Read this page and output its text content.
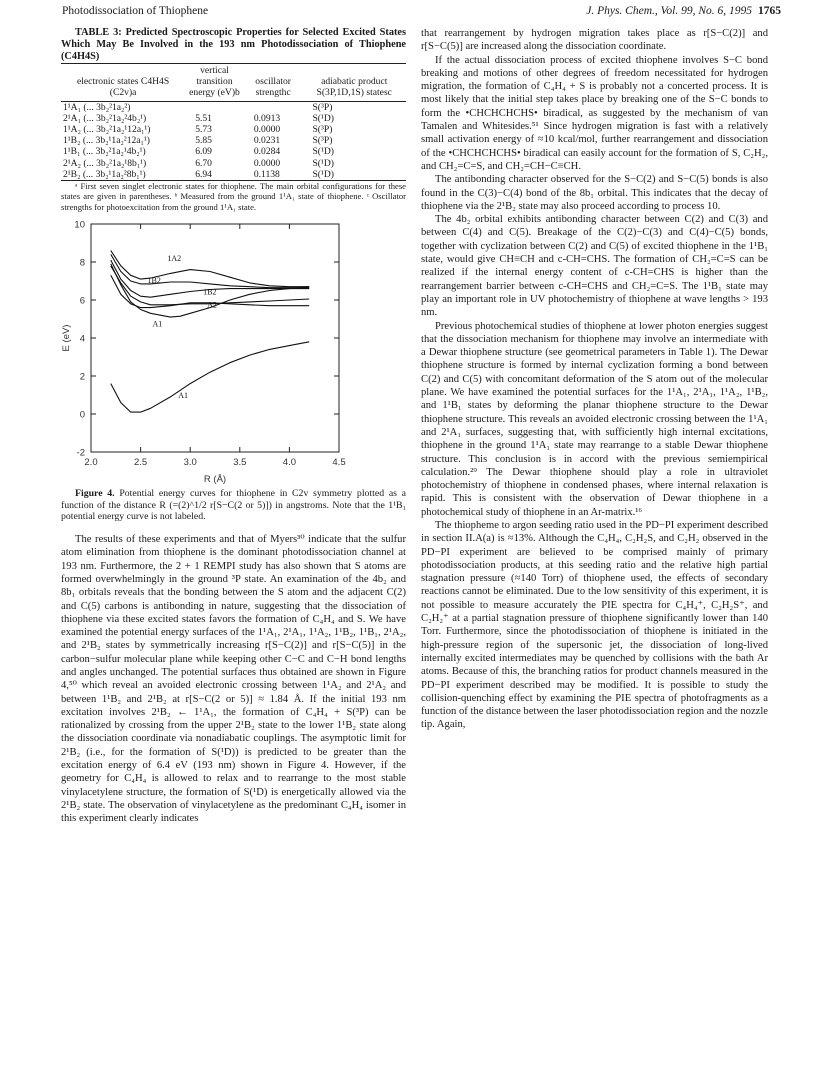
Photodissociation of Thiophene	J. Phys. Chem., Vol. 99, No. 6, 1995 1765

TABLE 3: Predicted Spectroscopic Properties for Selected Excited States Which May Be Involved in the 193 nm Photodissociation of Thiophene (C4H4S)

electronic states C4H4S (C2v)a	vertical transition energy (eV)b	oscillator strengthc	adiabatic product S(3P,1D,1S) statesc
1¹A₁ (... 3b₂²1a₂²)			S(³P)
2¹A₁ (... 3b₂²1a₂²4b₂¹)	5.51	0.0913	S(¹D)
1¹A₂ (... 3b₂²1a₂¹12a₁¹)	5.73	0.0000	S(³P)
1¹B₂ (... 3b₂¹1a₂²12a₁¹)	5.85	0.0231	S(³P)
1¹B₁ (... 3b₂²1a₂¹4b₂¹)	6.09	0.0284	S(¹D)
2¹A₂ (... 3b₂²1a₂¹8b₁¹)	6.70	0.0000	S(¹D)
2¹B₂ (... 3b₂¹1a₂²8b₁¹)	6.94	0.1138	S(¹D)

ᵃ First seven singlet electronic states for thiophene. The main orbital configurations for these states are given in parentheses. ᵇ Measured from the ground 1¹A₁ state of thiophene. ᶜ Oscillator strengths for photoexcitation from the ground 1¹A₁ state.

2.0	2.5	3.0	3.5	4.0	4.5
-2
0
2
4
6
8
10
R (Å)
E (eV)
1A2
1B2
1B2
A2
A1
A1

Figure 4. Potential energy curves for thiophene in C2v symmetry plotted as a function of the distance R (=(2)^1/2 r[S−C(2 or 5)]) in angstroms. Note that the 1¹B₁ potential energy curve is not labeled.

The results of these experiments and that of Myers³⁰ indicate that the sulfur atom elimination from thiophene is the dominant photodissociation channel at 193 nm. Furthermore, the 2 + 1 REMPI study has also shown that S atoms are formed overwhelmingly in the ground ³P state. An examination of the 4b₂ and 8b₁ orbitals reveals that the bonding between the S atom and the adjacent C(2) and C(5) carbons is antibonding in nature, suggesting that the dissociation of thiophene via these excited states favors the formation of C₄H₄ and S. We have examined the potential energy surfaces of the 1¹A₁, 2¹A₁, 1¹A₂, 1¹B₂, 1¹B₁, 2¹A₂, and 2¹B₂ states by symmetrically increasing r[S−C(2)] and r[S−C(5)] in the carbon−sulfur molecular plane while keeping other C−C and C−H bond lengths and angles unchanged. The potential surfaces thus obtained are shown in Figure 4,⁵⁰ which reveal an avoided electronic crossing between 1¹A₂ and 2¹A₂ and between 1¹B₂ and 2¹B₂ at r[S−C(2 or 5)] ≈ 1.84 Å. If the initial 193 nm excitation involves 2¹B₂ ← 1¹A₁, the formation of C₄H₄ + S(³P) can be rationalized by crossing from the upper 2¹B₂ state to the lower 1¹B₂ state along the dissociation coordinate via nonadiabatic couplings. The asymptotic limit for 2¹B₂ (i.e., for the formation of S(¹D)) is predicted to be greater than the excitation energy of 6.4 eV (193 nm) shown in Figure 4. However, if the geometry for C₄H₄ is allowed to relax and to rearrange to the most stable vinylacetylene structure, the formation of S(¹D) is energetically allowed via the 2¹B₂ state. The observation of vinylacetylene as the predominant C₄H₄ isomer in this experiment clearly indicates

that rearrangement by hydrogen migration takes place as r[S−C(2)] and r[S−C(5)] are increased along the dissociation coordinate.

If the actual dissociation process of excited thiophene involves S−C bond breaking and motions of other degrees of freedom necessitated for hydrogen migration, the formation of C₄H₄ + S is probably not a concerted process. It is most likely that the initial step takes place by breaking one of the S−C bonds to form the •CHCHCHCHS• biradical, as suggested by the mechanism of van Tamalen and Whitesides.⁵¹ Since hydrogen migration is fast with a relatively small activation energy of ≈10 kcal/mol, further rearrangement and dissociation of the •CHCHCHCHS• biradical can easily account for the formation of S, C₂H₂, and CH₂=C=S, and CH₂=CH−C≡CH.

The antibonding character observed for the S−C(2) and S−C(5) bonds is also found in the C(3)−C(4) bond of the 8b₁ orbital. This indicates that the decay of thiophene via the 2¹B₂ state may also proceed according to process 10.

The 4b₂ orbital exhibits antibonding character between C(2) and C(3) and between C(4) and C(5). Breakage of the C(2)−C(3) and C(4)−C(5) bonds, together with cyclization between C(2) and C(5) of excited thiophene in the 1¹B₁ state, would give CH≡CH and c-CH=CHS. The formation of CH₂=C=S can be realized if the internal energy content of c-CH=CHS is higher than the rearrangement barrier between c-CH=CHS and CH₂=C=S. The 1¹B₁ state may play an important role in UV photochemistry of thiophene at wave lengths > 193 nm.

Previous photochemical studies of thiophene at lower photon energies suggest that the dissociation mechanism for thiophene may involve an intermediate with a Dewar thiophene structure (see geometrical parameters in Table 1). The Dewar thiophene structure is formed by internal cyclization forming a bond between C(2) and C(5) with concomitant deformation of the S atom out of the molecular plane. We have examined the potential surfaces for the 1¹A₁, 2¹A₁, 1¹A₂, 1¹B₂, and 1¹B₁ states by deforming the planar thiophene structure to the Dewar thiophene structure. This reveals an avoided electronic crossing between the 1¹A₁ and 2¹A₁ surfaces, suggesting that, with sufficiently high internal excitations, thiophene in the ground 1¹A₁ state may rearrange to a stable Dewar thiophene structure. This conclusion is in accord with the previous semiempirical calculation.²⁹ The Dewar thiophene should play a role in ultraviolet photochemistry of thiophene in condensed phases, where internal relaxation is rapid. This is consistent with the observation of Dewar thiophene in a photochemical study of thiophene in an Ar-matrix.¹⁶

The thiopheme to argon seeding ratio used in the PD−PI experiment described in section II.A(a) is ≈13%. Although the C₄H₄, C₂H₂S, and C₂H₂ observed in the PD−PI experiment are believed to be comprised mainly of primary photodissociation products, at this seeding ratio and the relative high partial stagnation pressure (≈140 Torr) of thiophene used, the effects of secondary reactions cannot be eliminated. Due to the low sensitivity of this experiment, it is not possible to measure accurately the PIE spectra for C₄H₄⁺, C₂H₂S⁺, and C₂H₂⁺ at a partial stagnation pressure of thiophene significantly lower than 140 Torr. Furthermore, since the photodissociation of thiophene is initiated in the high-pressure region of the supersonic jet, the dissociation of long-lived internally excited intermediates may be quenched by collisions with the bath Ar atoms. Because of this, the branching ratios for product channels measured in the PD−PI experiment described may be modified. It is possible to study the collision-quenching effect by examining the PIE spectra of photofragments as a function of the distance between the laser photodissociation region and the nozzle tip. Again,
